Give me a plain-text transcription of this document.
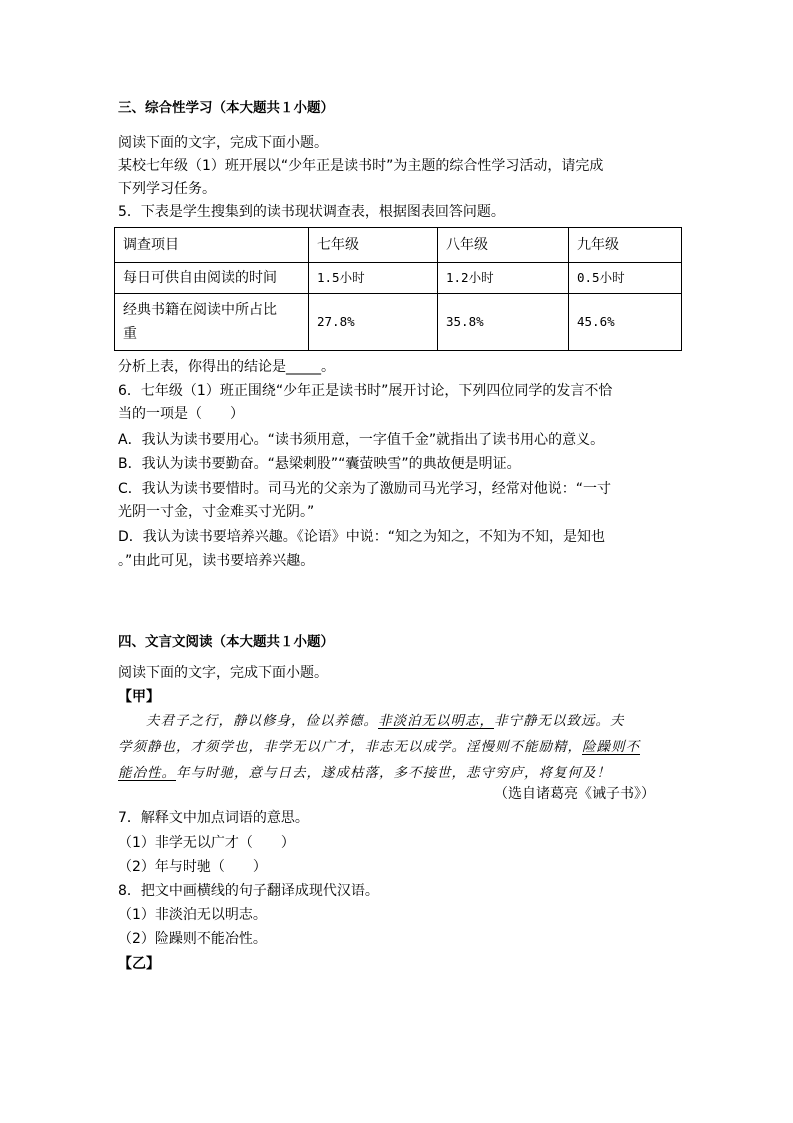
三、综合性学习（本大题共１小题）
阅读下面的文字，完成下面小题。
某校七年级（1）班开展以“少年正是读书时”为主题的综合性学习活动，请完成
下列学习任务。
5．下表是学生搜集到的读书现状调查表，根据图表回答问题。
调查项目	七年级	八年级	九年级
每日可供自由阅读的时间	1.5小时	1.2小时	0.5小时
经典书籍在阅读中所占比
重	27.8%	35.8%	45.6%
分析上表，你得出的结论是_____。
6．七年级（1）班正围绕“少年正是读书时”展开讨论，下列四位同学的发言不恰
当的一项是（　　）
A．我认为读书要用心。“读书须用意，一字值千金”就指出了读书用心的意义。
B．我认为读书要勤奋。“悬梁刺股”“囊萤映雪”的典故便是明证。
C．我认为读书要惜时。司马光的父亲为了激励司马光学习，经常对他说：“一寸
光阴一寸金，寸金难买寸光阴。”
D．我认为读书要培养兴趣。《论语》中说：“知之为知之，不知为不知，是知也
。”由此可见，读书要培养兴趣。
四、文言文阅读（本大题共１小题）
阅读下面的文字，完成下面小题。
【甲】
夫君子之行，静以修身，俭以养德。非淡泊无以明志，非宁静无以致远。夫
学须静也，才须学也，非学无以广才，非志无以成学。淫慢则不能励精，险躁则不
能冶性。年与时驰，意与日去，遂成枯落，多不接世，悲守穷庐，将复何及！
（选自诸葛亮《诫子书》）
7．解释文中加点词语的意思。
（1）非学无以广才（　　）
（2）年与时驰（　　）
8．把文中画横线的句子翻译成现代汉语。
（1）非淡泊无以明志。
（2）险躁则不能冶性。
【乙】
